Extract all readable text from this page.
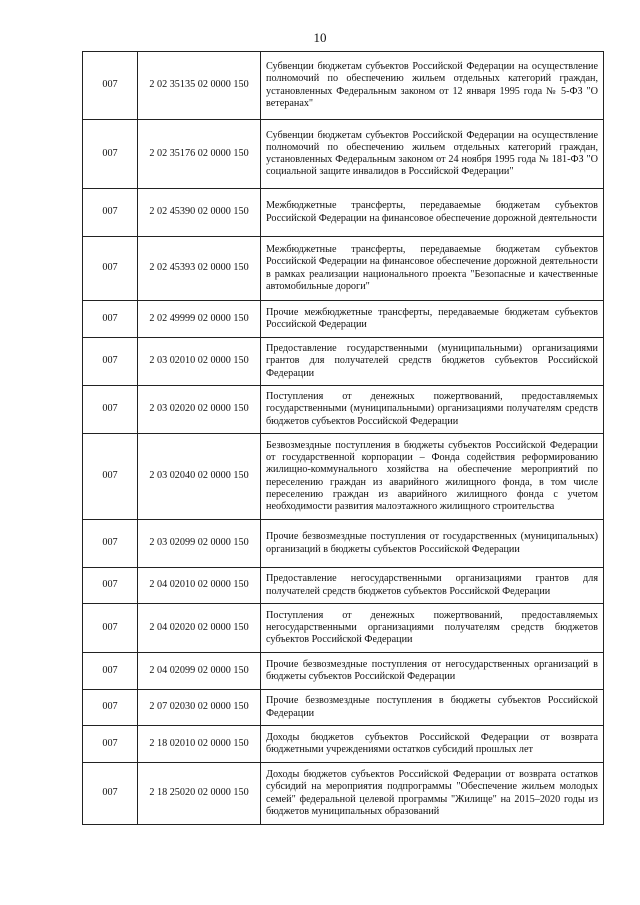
10
007	2 02 35135 02 0000 150	Субвенции бюджетам субъектов Российской Федерации на осуществление полномочий по обеспечению жильем отдельных категорий граждан, установленных Федеральным законом от 12 января 1995 года № 5-ФЗ "О ветеранах"
007	2 02 35176 02 0000 150	Субвенции бюджетам субъектов Российской Федерации на осуществление полномочий по обеспечению жильем отдельных категорий граждан, установленных Федеральным законом от 24 ноября 1995 года № 181-ФЗ "О социальной защите инвалидов в Российской Федерации"
007	2 02 45390 02 0000 150	Межбюджетные трансферты, передаваемые бюджетам субъектов Российской Федерации на финансовое обеспечение дорожной деятельности
007	2 02 45393 02 0000 150	Межбюджетные трансферты, передаваемые бюджетам субъектов Российской Федерации на финансовое обеспечение дорожной деятельности в рамках реализации национального проекта "Безопасные и качественные автомобильные дороги"
007	2 02 49999 02 0000 150	Прочие межбюджетные трансферты, передаваемые бюджетам субъектов Российской Федерации
007	2 03 02010 02 0000 150	Предоставление государственными (муниципальными) организациями грантов для получателей средств бюджетов субъектов Российской Федерации
007	2 03 02020 02 0000 150	Поступления от денежных пожертвований, предоставляемых государственными (муниципальными) организациями получателям средств бюджетов субъектов Российской Федерации
007	2 03 02040 02 0000 150	Безвозмездные поступления в бюджеты субъектов Российской Федерации от государственной корпорации – Фонда содействия реформированию жилищно-коммунального хозяйства на обеспечение мероприятий по переселению граждан из аварийного жилищного фонда, в том числе переселению граждан из аварийного жилищного фонда с учетом необходимости развития малоэтажного жилищного строительства
007	2 03 02099 02 0000 150	Прочие безвозмездные поступления от государственных (муниципальных) организаций в бюджеты субъектов Российской Федерации
007	2 04 02010 02 0000 150	Предоставление негосударственными организациями грантов для получателей средств бюджетов субъектов Российской Федерации
007	2 04 02020 02 0000 150	Поступления от денежных пожертвований, предоставляемых негосударственными организациями получателям средств бюджетов субъектов Российской Федерации
007	2 04 02099 02 0000 150	Прочие безвозмездные поступления от негосударственных организаций в бюджеты субъектов Российской Федерации
007	2 07 02030 02 0000 150	Прочие безвозмездные поступления в бюджеты субъектов Российской Федерации
007	2 18 02010 02 0000 150	Доходы бюджетов субъектов Российской Федерации от возврата бюджетными учреждениями остатков субсидий прошлых лет
007	2 18 25020 02 0000 150	Доходы бюджетов субъектов Российской Федерации от возврата остатков субсидий на мероприятия подпрограммы "Обеспечение жильем молодых семей" федеральной целевой программы "Жилище" на 2015–2020 годы из бюджетов муниципальных образований
